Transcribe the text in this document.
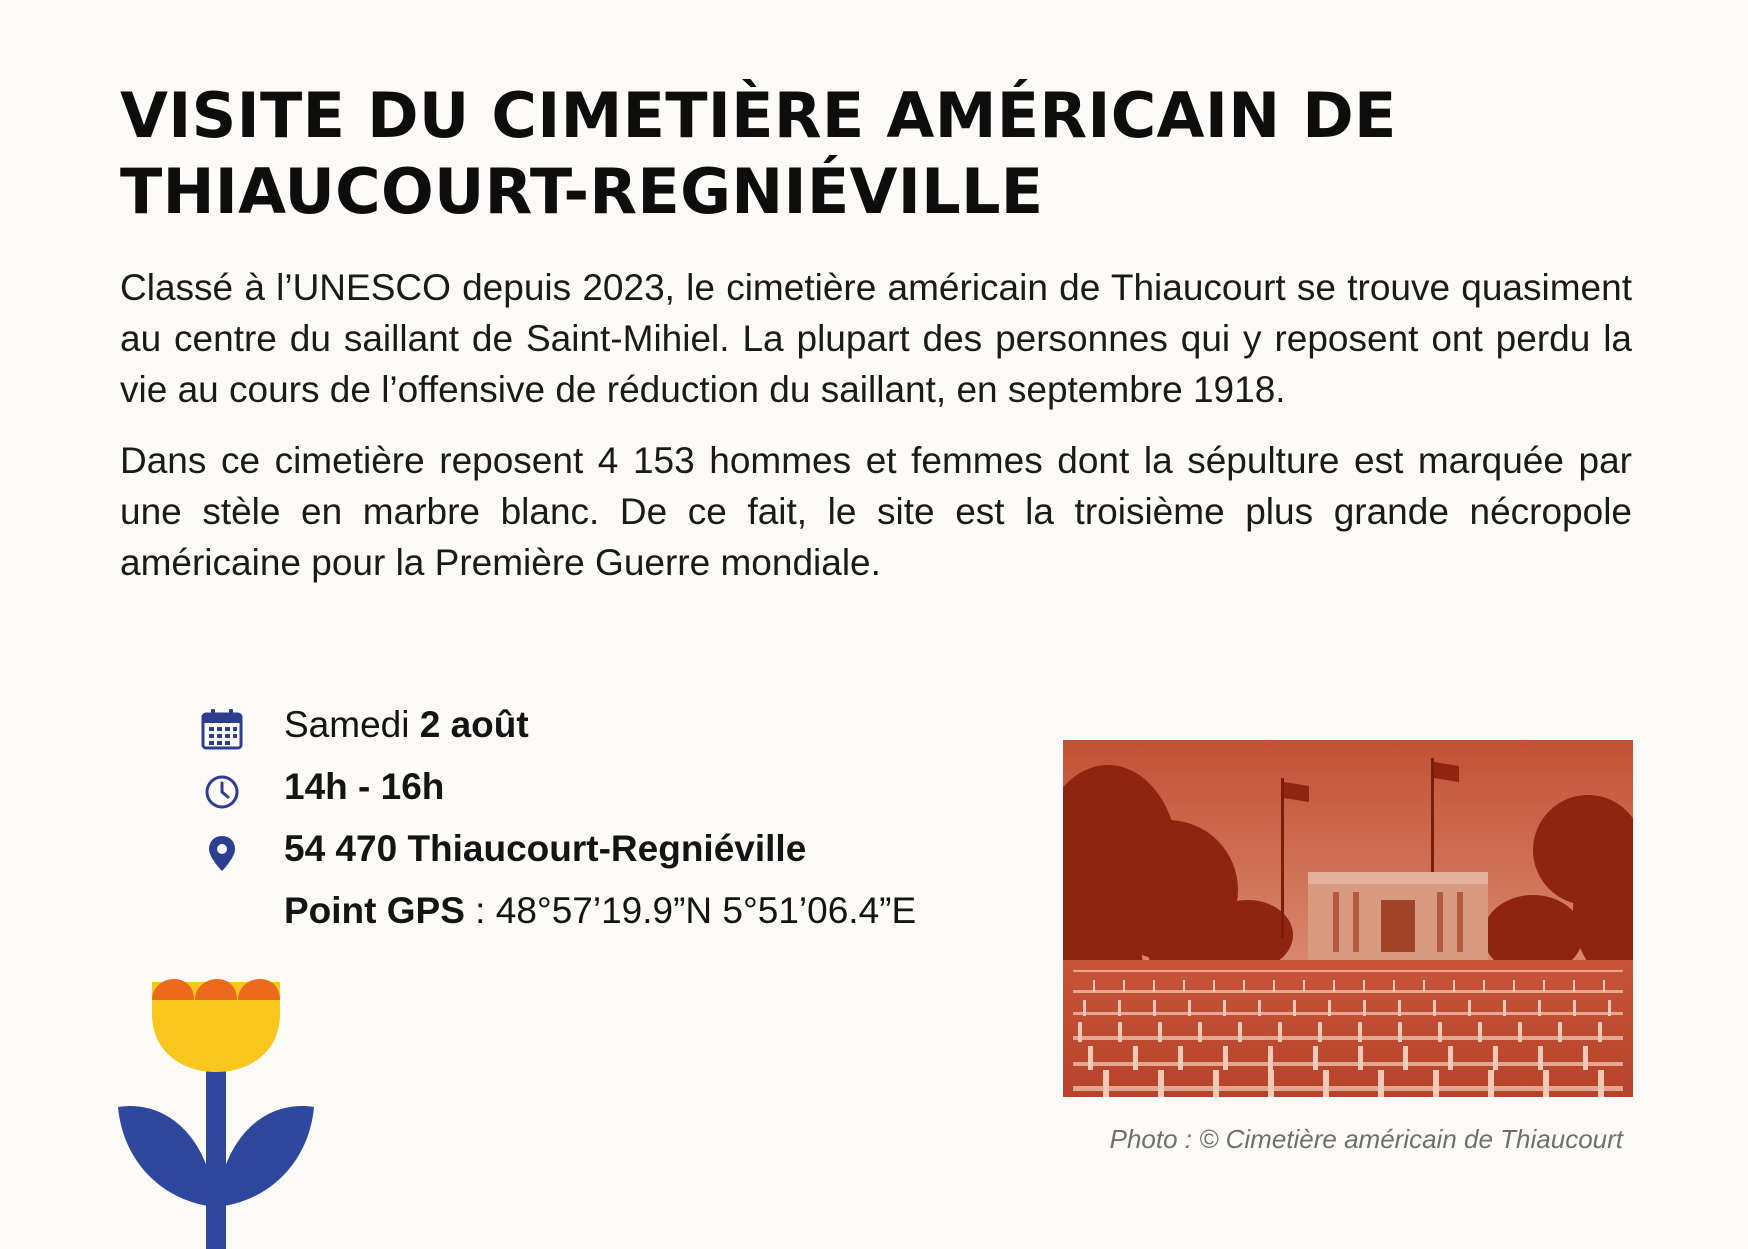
VISITE DU CIMETIÈRE AMÉRICAIN DE
THIAUCOURT-REGNIÉVILLE

Classé à l’UNESCO depuis 2023, le cimetière américain de Thiaucourt se trouve quasiment au centre du saillant de Saint-Mihiel. La plupart des personnes qui y reposent ont perdu la vie au cours de l’offensive de réduction du saillant, en septembre 1918.

Dans ce cimetière reposent 4 153 hommes et femmes dont la sépulture est marquée par une stèle en marbre blanc. De ce fait, le site est la troisième plus grande nécropole américaine pour la Première Guerre mondiale.

Samedi 2 août
14h - 16h
54 470 Thiaucourt-Regniéville
Point GPS : 48°57’19.9”N 5°51’06.4”E
Photo : © Cimetière américain de Thiaucourt
